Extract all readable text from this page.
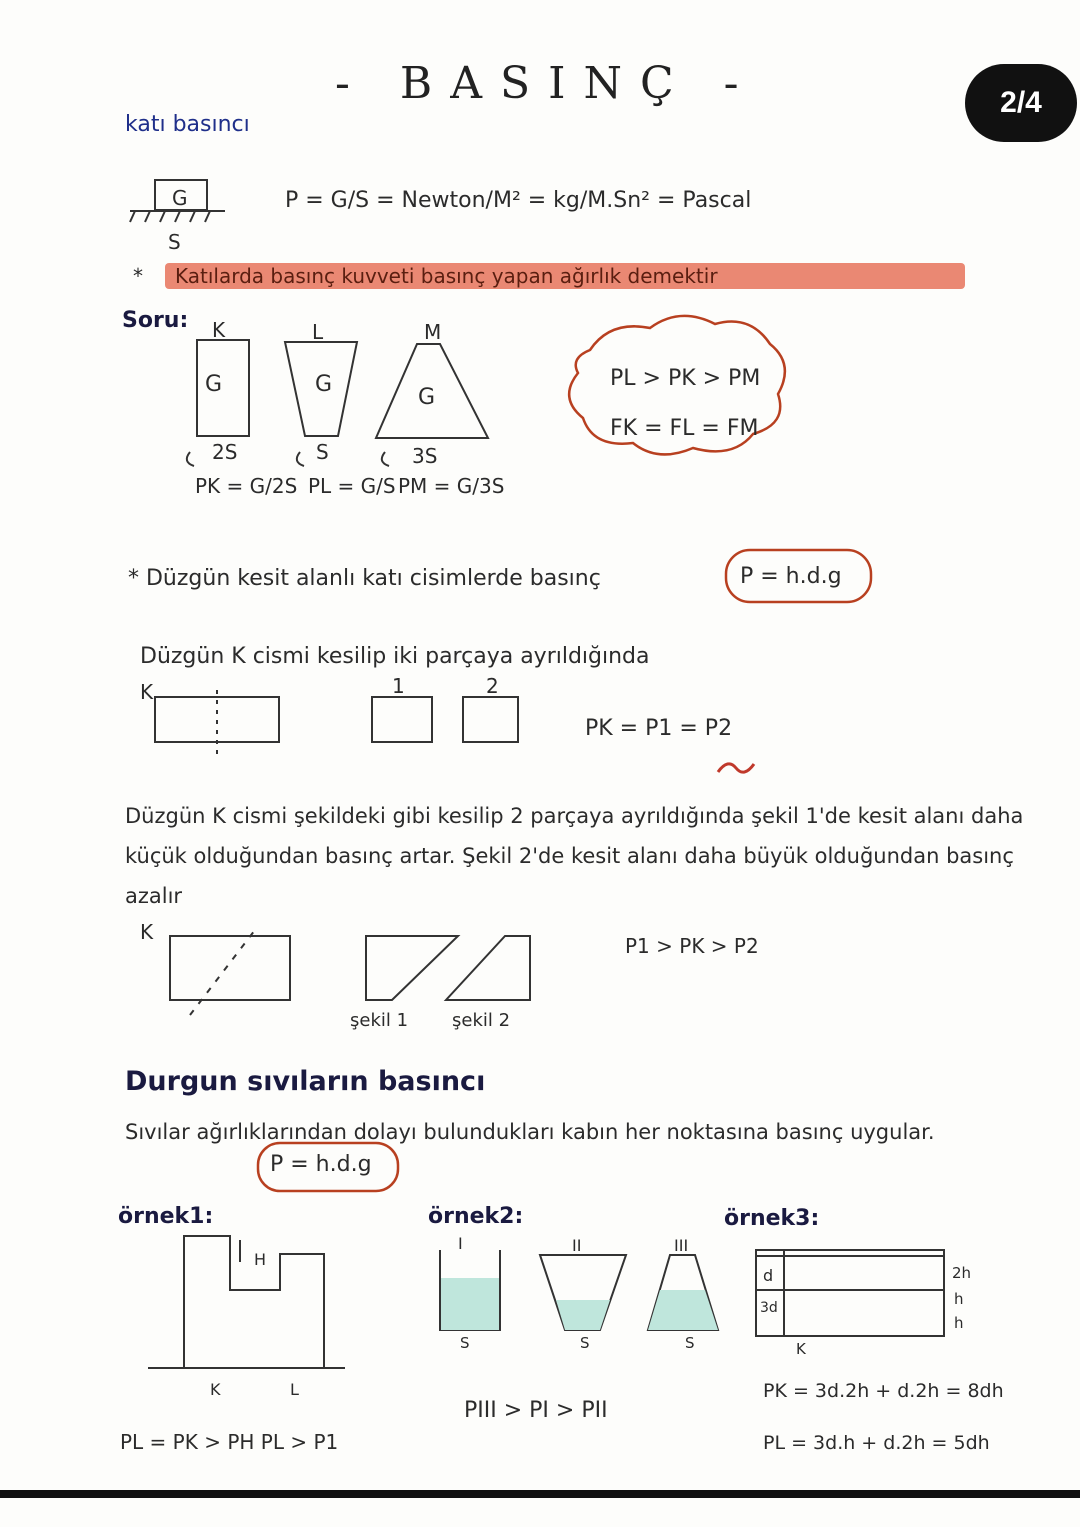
- BASINÇ -	2/4
katı basıncı
G
S
P = G/S = Newton/M² = kg/M.Sn² = Pascal
* Katılarda basınç kuvveti basınç yapan ağırlık demektir
Soru: K	L	M
G	G
G
2S	S	3S
PK = G/2S PL = G/S PM = G/3S
PL > PK > PM
FK = FL = FM
* Düzgün kesit alanlı katı cisimlerde basınç	P = h.d.g
Düzgün K cismi kesilip iki parçaya ayrıldığında
K	1	2
PK = P1 = P2
Düzgün K cismi şekildeki gibi kesilip 2 parçaya ayrıldığında şekil 1'de kesit alanı daha küçük olduğundan basınç artar. Şekil 2'de kesit alanı daha büyük olduğundan basınç azalır
K
P1 > PK > P2
şekil 1 şekil 2
Durgun sıvıların basıncı
Sıvılar ağırlıklarından dolayı bulundukları kabın her noktasına basınç uygular.
P = h.d.g
örnek1:
H
K	L
PL = PK > PH PL > P1
örnek2:
I	II	III
S	S	S
PIII > PI > PII
örnek3:
d
3d
2h
h
h
K
PK = 3d.2h + d.2h = 8dh
PL = 3d.h + d.2h = 5dh
